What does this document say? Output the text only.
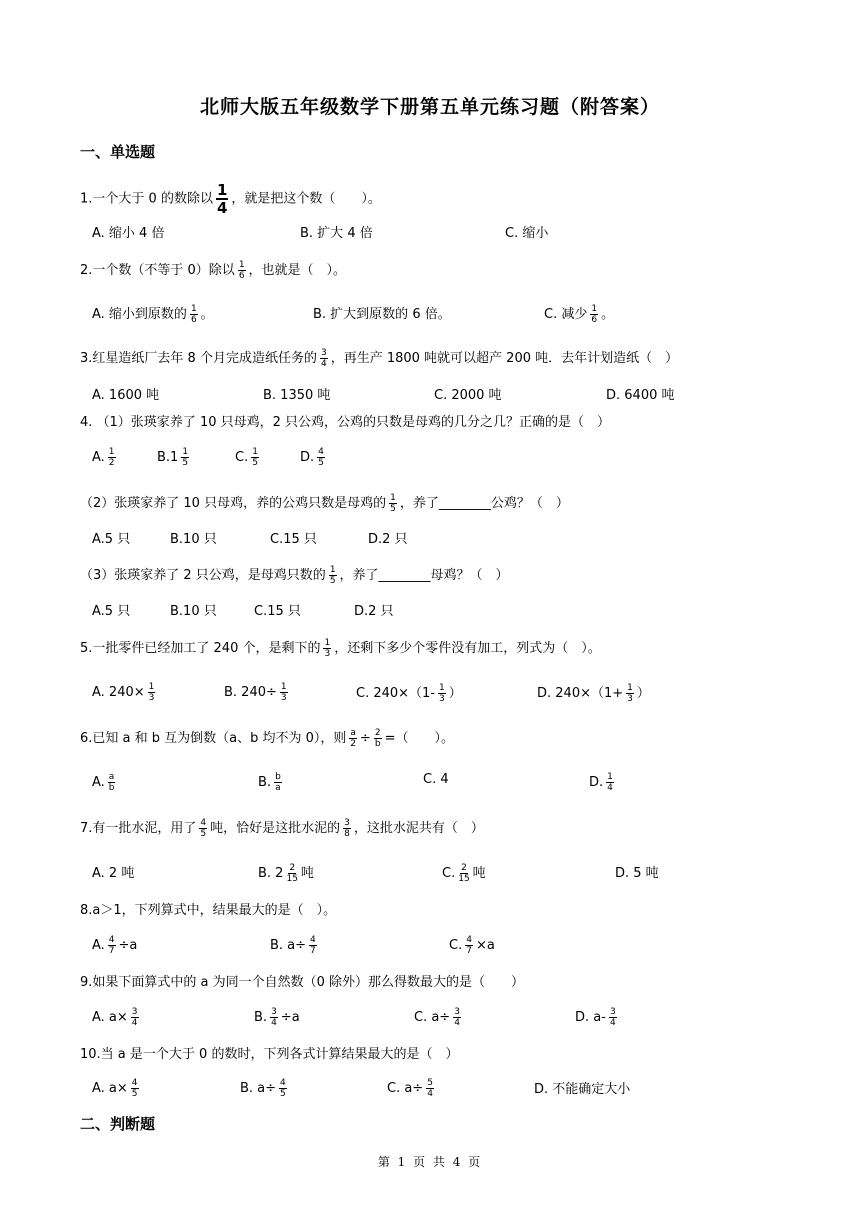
北师大版五年级数学下册第五单元练习题（附答案）
一、单选题
1.一个大于 0 的数除以 $\frac{1}{4}$ ，就是把这个数（　　）。
A. 缩小 4 倍	B. 扩大 4 倍	C. 缩小
2.一个数（不等于 0）除以 $\frac{1}{6}$ ，也就是（　）。
A. 缩小到原数的 $\frac{1}{6}$ 。	B. 扩大到原数的 6 倍。	C. 减少 $\frac{1}{6}$ 。
3.红星造纸厂去年 8 个月完成造纸任务的 $\frac{3}{4}$ ，再生产 1800 吨就可以超产 200 吨．去年计划造纸（　）
A. 1600 吨	B. 1350 吨	C. 2000 吨	D. 6400 吨
4. （1）张瑛家养了 10 只母鸡，2 只公鸡，公鸡的只数是母鸡的几分之几？正确的是（　）
A. $\frac{1}{2}$	$B.1 \frac{1}{5}$	C. $\frac{1}{5}$	D. $\frac{4}{5}$
（2）张瑛家养了 10 只母鸡，养的公鸡只数是母鸡的 $\frac{1}{5}$ ，养了________公鸡？（　）
A.5 只	B.10 只	C.15 只	D.2 只
（3）张瑛家养了 2 只公鸡，是母鸡只数的 $\frac{1}{5}$ ，养了________母鸡？（　）
A.5 只	B.10 只	C.15 只	D.2 只
5.一批零件已经加工了 240 个，是剩下的 $\frac{1}{3}$ ，还剩下多少个零件没有加工，列式为（　）。
A. $240\times \frac{1}{3}$	B. $240\div \frac{1}{3}$	C. $240\times(1- \frac{1}{3}$ ）	D. $240\times(1+ \frac{1}{3}$ ）
6.已知 a 和 b 互为倒数（a、b 均不为 0），则 $\frac{a}{2} \div \frac{2}{b}$ =（　　）。
A. $\frac{a}{b}$	B. $\frac{b}{a}$	C. 4	D. $\frac{1}{4}$
7.有一批水泥，用了 $\frac{4}{5}$ 吨，恰好是这批水泥的 $\frac{3}{8}$ ，这批水泥共有（　）
A. 2 吨	B. $2 \frac{2}{15}$ 吨	C. $\frac{2}{15}$ 吨	D. 5 吨
8.a＞1，下列算式中，结果最大的是（　）。
A. $\frac{4}{7} \div a$	B. $a\div \frac{4}{7}$	C. $\frac{4}{7} \times a$
9.如果下面算式中的 a 为同一个自然数（0 除外）那么得数最大的是（　　）
A. $a\times \frac{3}{4}$	B. $\frac{3}{4} \div a$	C. $a\div \frac{3}{4}$	D. $a- \frac{3}{4}$
10.当 a 是一个大于 0 的数时，下列各式计算结果最大的是（　）
A. $a\times \frac{4}{5}$	B. $a\div \frac{4}{5}$	C. $a\div \frac{5}{4}$	D. 不能确定大小
二、判断题
第 1 页 共 4 页
